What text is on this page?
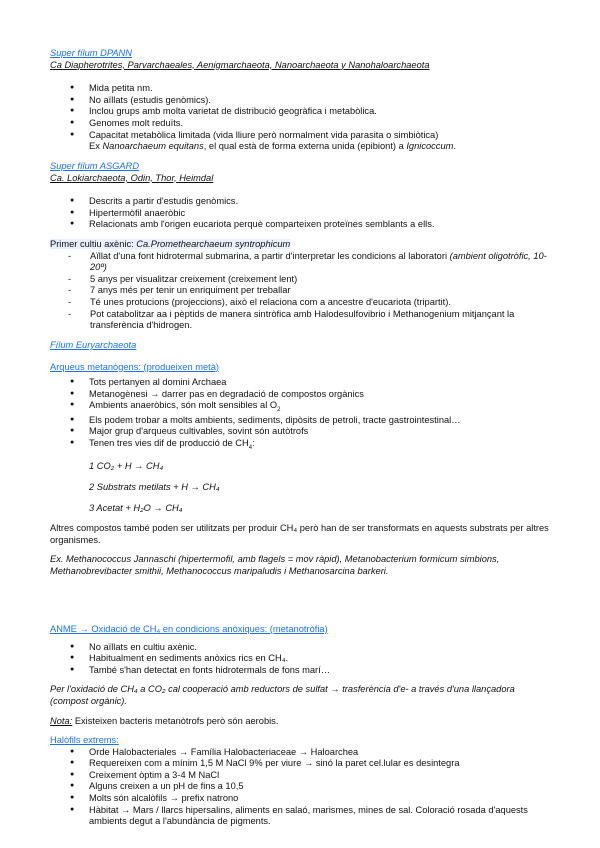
Super fílum DPANN
Ca Diapherotrites, Parvarchaeales, Aenigmarchaeota, Nanoarchaeota y Nanohaloarchaeota
● Mida petita nm.
● No aïllats (estudis genòmics).
● Inclou grups amb molta varietat de distribució geogràfica i metabòlica.
● Genomes molt reduïts.
● Capacitat metabòlica limitada (vida lliure però normalment vida parasita o simbiòtica)
Ex Nanoarchaeum equitans, el qual està de forma externa unida (epibiont) a Ignicoccum.
Super fílum ASGARD
Ca. Lokiarchaeota, Odin, Thor, Heimdal
● Descrits a partir d'estudis genòmics.
● Hipertermòfil anaeròbic
● Relacionats amb l'origen eucariota perquè comparteixen proteïnes semblants a ells.
Primer cultiu axènic: Ca.Promethearchaeum syntrophicum
- Aïllat d'una font hidrotermal submarina, a partir d'interpretar les condicions al laboratori (ambient oligotròfic, 10-20º)
- 5 anys per visualitzar creixement (creixement lent)
- 7 anys més per tenir un enriquiment per treballar
- Té unes protucions (projeccions), això el relaciona com a ancestre d'eucariota (tripartit).
- Pot catabolitzar aa i pèptids de manera sintròfica amb Halodesulfovibrio i Methanogenium mitjançant la transferència d'hidrogen.
Fílum Euryarchaeota
Arqueus metanògens: (produeixen metà)
● Tots pertanyen al domini Archaea
● Metanogènesi → darrer pas en degradació de compostos orgànics
● Ambients anaeròbics, són molt sensibles al $O_2$
● Els podem trobar a molts ambients, sediments, dipòsits de petroli, tracte gastrointestinal…
● Major grup d'arqueus cultivables, sovint són autòtrofs
● Tenen tres vies dif de producció de $CH_4$:
1 CO₂ + H → CH₄
2 Substrats metilats + H → CH₄
3 Acetat + H₂O → CH₄
Altres compostos també poden ser utilitzats per produir CH₄ però han de ser transformats en aquests substrats per altres organismes.
Ex. Methanococcus Jannaschi (hipertermofil, amb flagels = mov ràpid), Metanobacterium formicum simbions, Methanobrevibacter smithii, Methanococcus maripaludis i Methanosarcina barkeri.
ANME → Oxidació de CH₄ en condicions anòxiques: (metanotròfia)
● No aïllats en cultiu axènic.
● Habitualment en sediments anòxics rics en CH₄.
● També s'han detectat en fonts hidrotermals de fons marí…
Per l'oxidació de CH₄ a CO₂ cal cooperació amb reductors de sulfat → trasferència d'e- a través d'una llançadora (compost orgànic).
Nota: Existeixen bacteris metanòtrofs però són aerobis.
Halòfils extrems:
● Orde Halobacteriales → Família Halobacteriaceae → Haloarchea
● Requereixen com a mínim 1,5 M NaCl 9% per viure → sinó la paret cel.lular es desintegra
● Creixement òptim a 3-4 M NaCl
● Alguns creixen a un pH de fins a 10,5
● Molts són alcalòfils → prefix natrono
● Hàbitat → Mars / llarcs hipersalins, aliments en salaó, marismes, mines de sal. Coloració rosada d'aquests ambients degut a l'abundància de pigments.
